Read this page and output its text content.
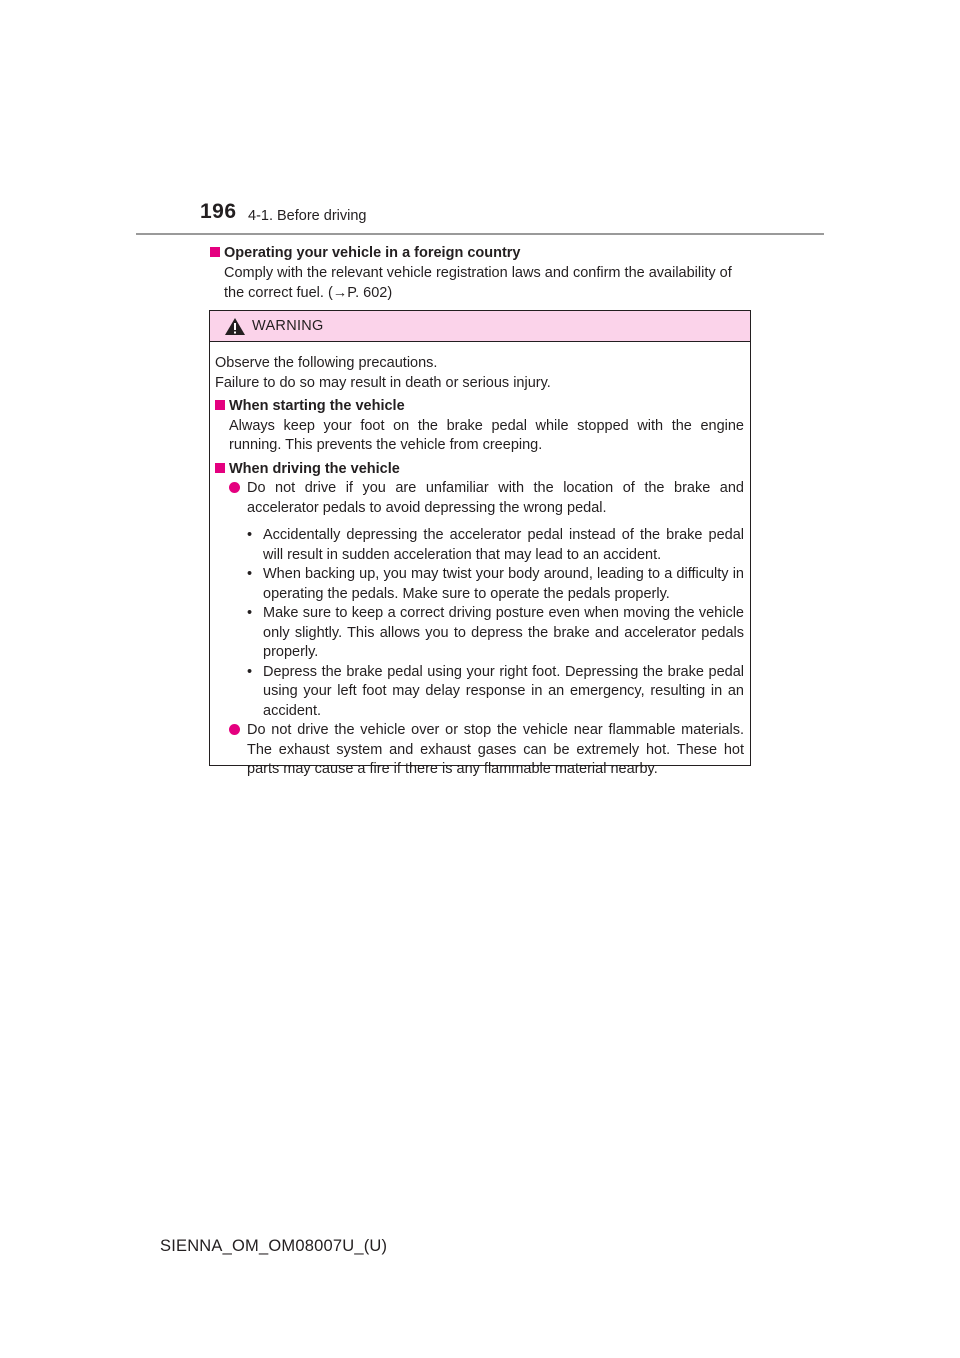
196 4-1. Before driving
Operating your vehicle in a foreign country
Comply with the relevant vehicle registration laws and confirm the availability of the correct fuel. (→P. 602)
WARNING

Observe the following precautions.

Failure to do so may result in death or serious injury.

When starting the vehicle

Always keep your foot on the brake pedal while stopped with the engine running. This prevents the vehicle from creeping.

When driving the vehicle

Do not drive if you are unfamiliar with the location of the brake and accelerator pedals to avoid depressing the wrong pedal.
• Accidentally depressing the accelerator pedal instead of the brake pedal will result in sudden acceleration that may lead to an accident.
• When backing up, you may twist your body around, leading to a difficulty in operating the pedals. Make sure to operate the pedals properly.
• Make sure to keep a correct driving posture even when moving the vehicle only slightly. This allows you to depress the brake and accelerator pedals properly.
• Depress the brake pedal using your right foot. Depressing the brake pedal using your left foot may delay response in an emergency, resulting in an accident.
Do not drive the vehicle over or stop the vehicle near flammable materials. The exhaust system and exhaust gases can be extremely hot. These hot parts may cause a fire if there is any flammable material nearby.
SIENNA_OM_OM08007U_(U)
